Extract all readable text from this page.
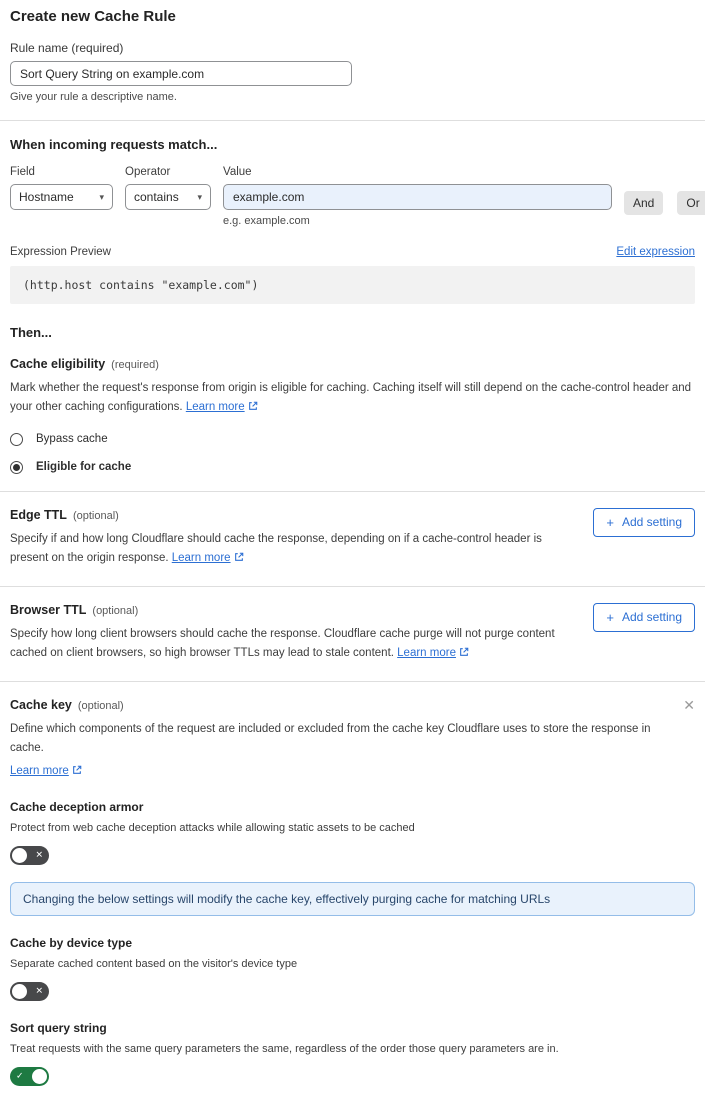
Create new Cache Rule
Rule name (required)
Sort Query String on example.com
Give your rule a descriptive name.
When incoming requests match...
Field
Hostname	▾
Operator
contains ▾
Value
example.com
e.g. example.com
And	Or
Expression Preview	Edit expression
(http.host contains "example.com")
Then...
Cache eligibility (required)
Mark whether the request's response from origin is eligible for caching. Caching itself will still depend on the cache-control header and your other caching configurations. Learn more
Bypass cache
Eligible for cache
Edge TTL (optional)
Specify if and how long Cloudflare should cache the response, depending on if a cache-control header is present on the origin response. Learn more
+ Add setting
Browser TTL (optional)
Specify how long client browsers should cache the response. Cloudflare cache purge will not purge content cached on client browsers, so high browser TTLs may lead to stale content. Learn more
+ Add setting
Cache key (optional)
Define which components of the request are included or excluded from the cache key Cloudflare uses to store the response in cache.
Learn more
✕
Cache deception armor
Protect from web cache deception attacks while allowing static assets to be cached
✕
Changing the below settings will modify the cache key, effectively purging cache for matching URLs
Cache by device type
Separate cached content based on the visitor's device type
✕
Sort query string
Treat requests with the same query parameters the same, regardless of the order those query parameters are in.
✓
